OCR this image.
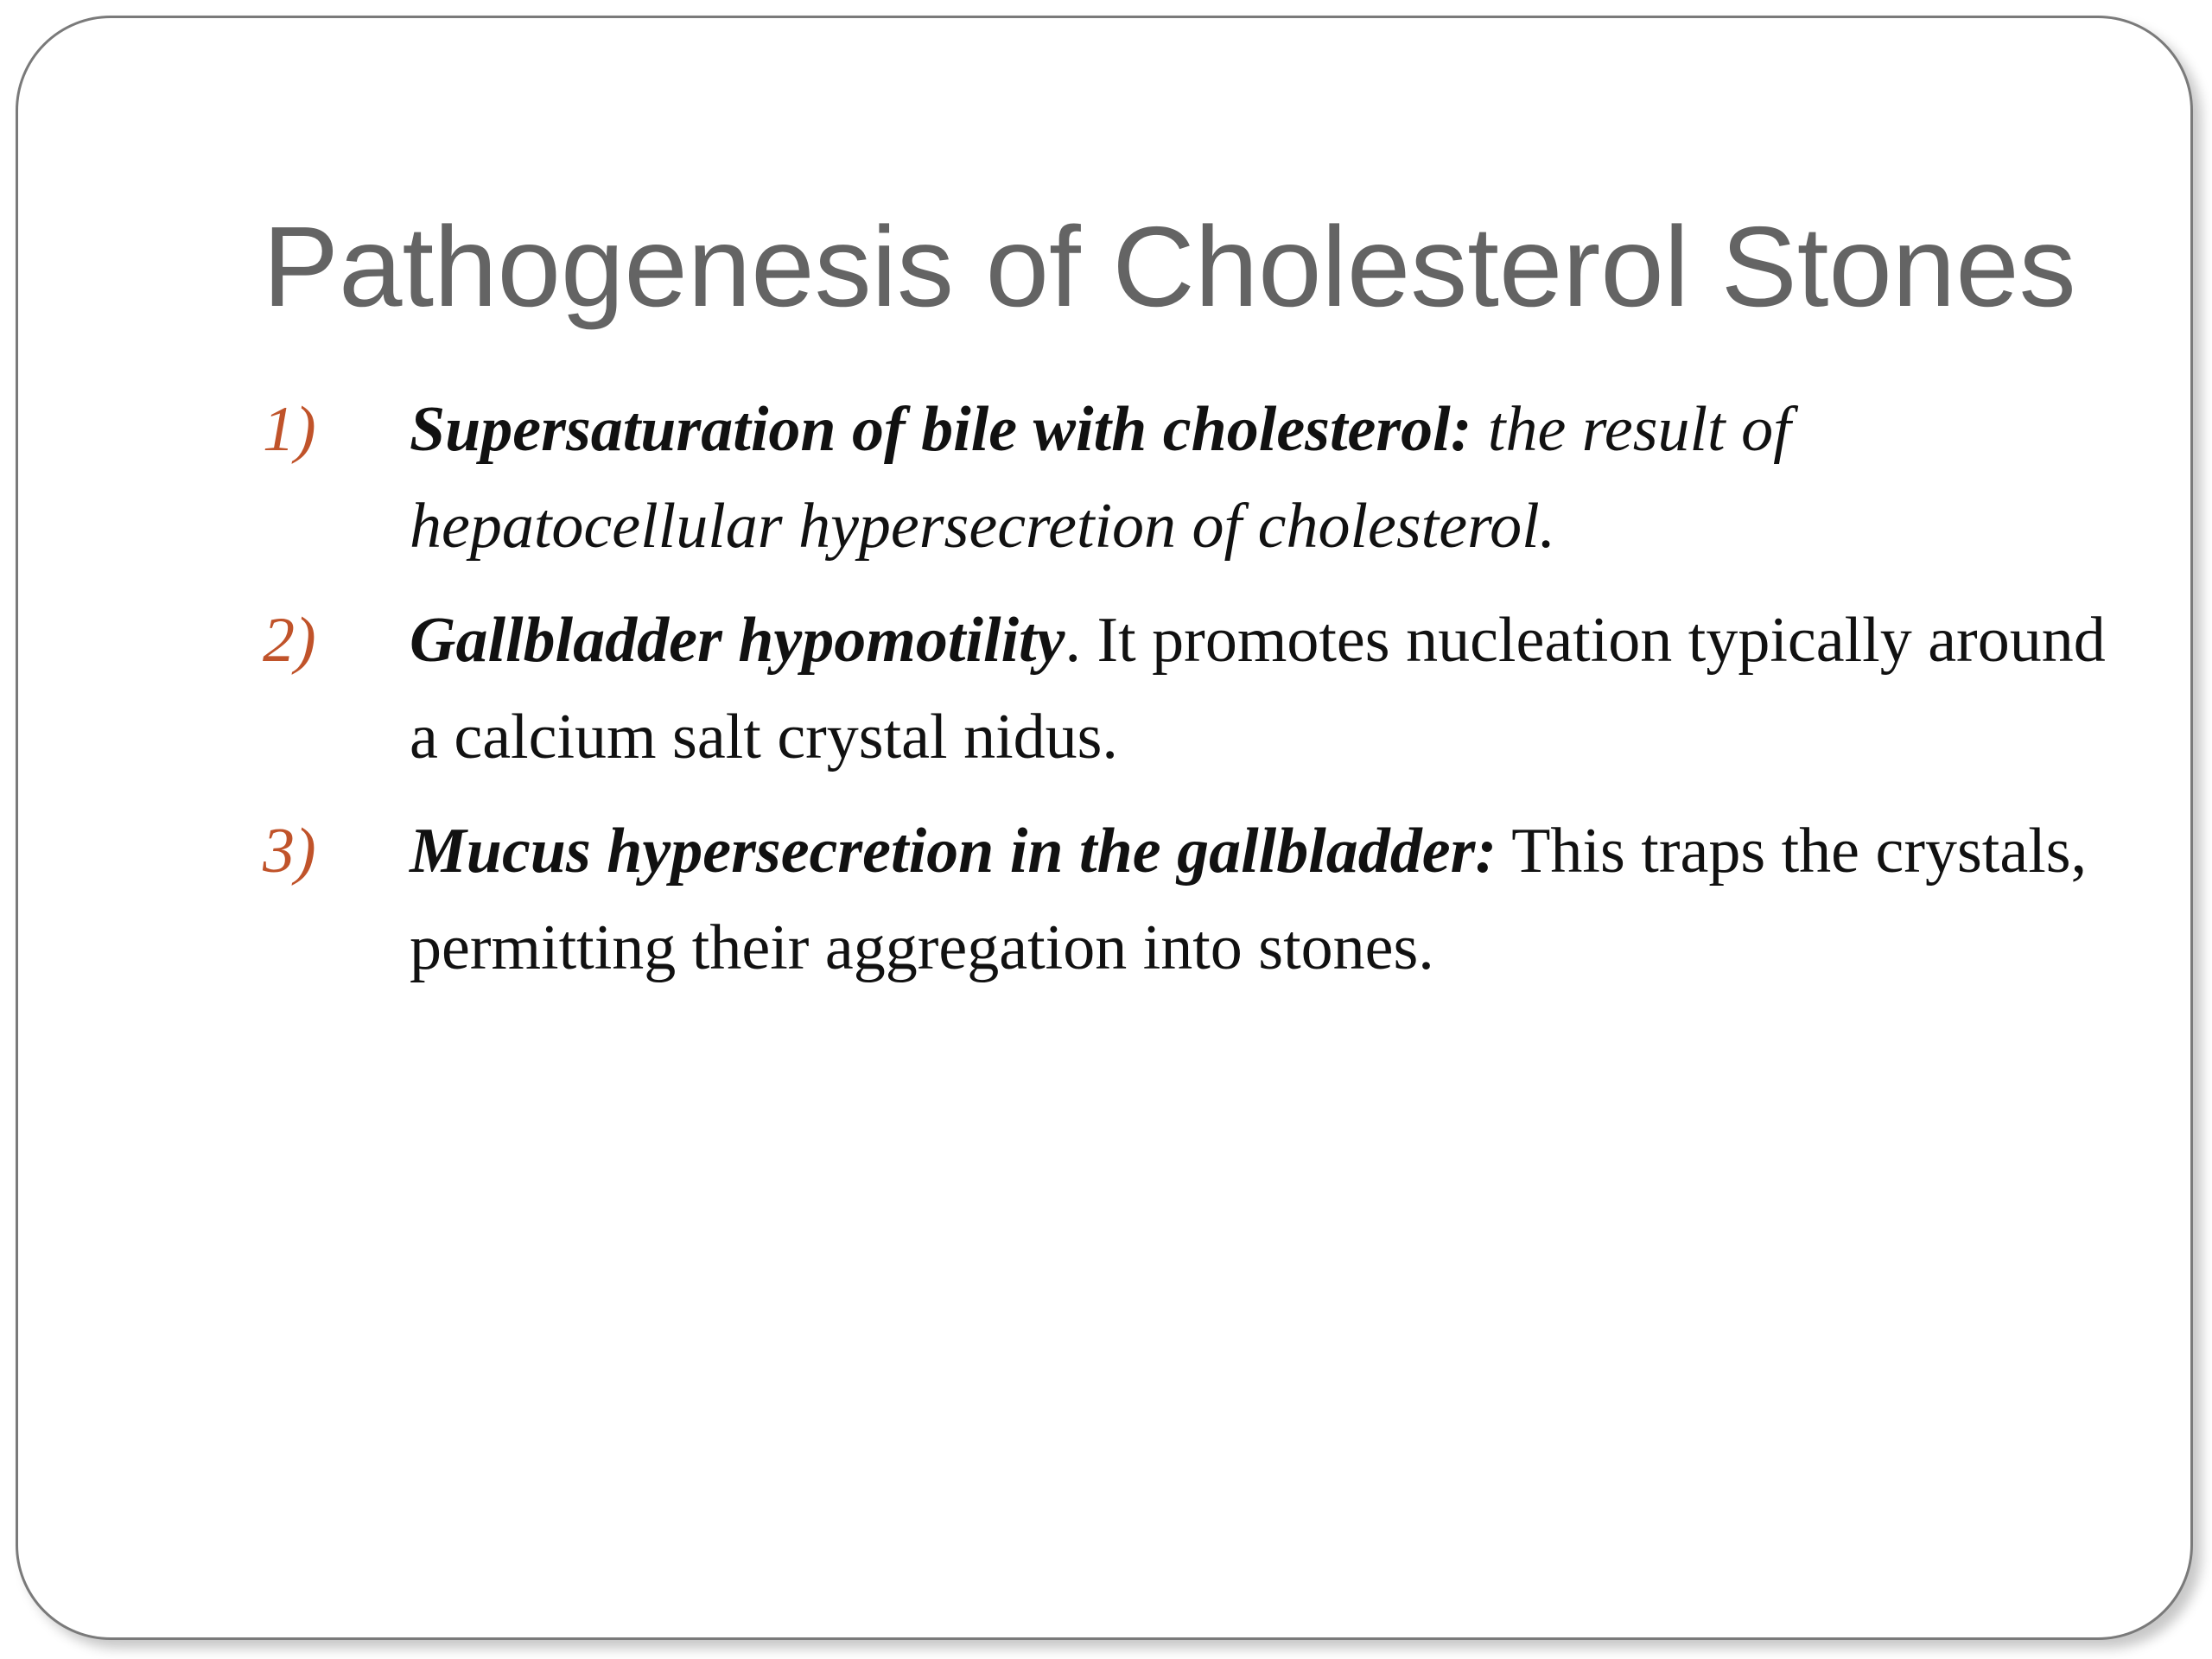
Pathogenesis of Cholesterol Stones
1) Supersaturation of bile with cholesterol: the result of hepatocellular hypersecretion of cholesterol.
2) Gallbladder hypomotility. It promotes nucleation typically around a calcium salt crystal nidus.
3) Mucus hypersecretion in the gallbladder: This traps the crystals, permitting their aggregation into stones.
